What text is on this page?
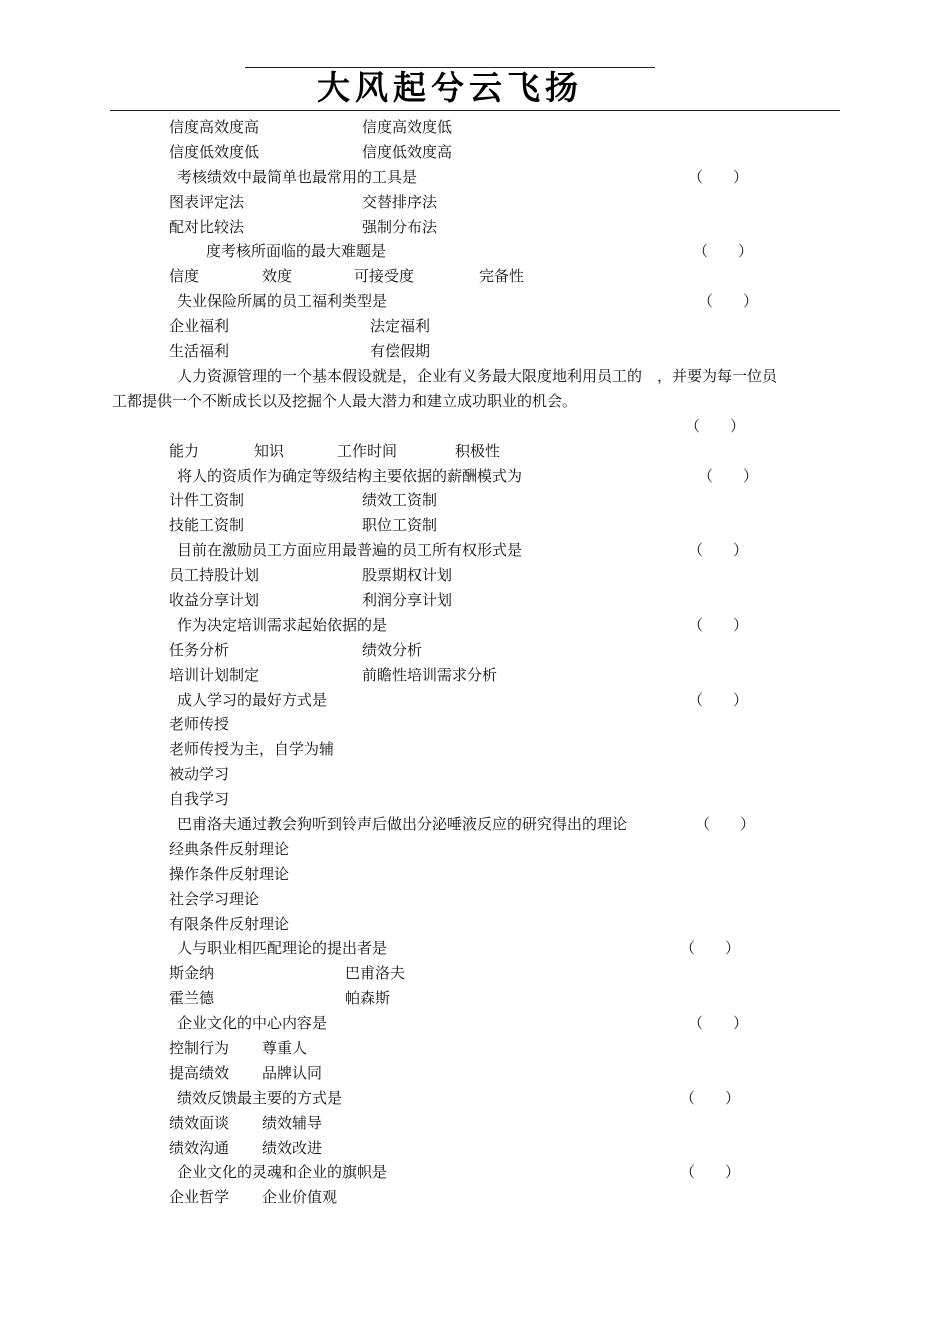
大风起兮云飞扬
信度高效度高	信度高效度低
信度低效度低	信度低效度高
考核绩效中最简单也最常用的工具是	（　　）
图表评定法	交替排序法
配对比较法	强制分布法
度考核所面临的最大难题是	（　　）
信度	效度	可接受度	完备性
失业保险所属的员工福利类型是	（　　）
企业福利	法定福利
生活福利	有偿假期
人力资源管理的一个基本假设就是，企业有义务最大限度地利用员工的　，并要为每一位员
工都提供一个不断成长以及挖掘个人最大潜力和建立成功职业的机会。
（　　）
能力	知识	工作时间	积极性
将人的资质作为确定等级结构主要依据的薪酬模式为	（　　）
计件工资制	绩效工资制
技能工资制	职位工资制
目前在激励员工方面应用最普遍的员工所有权形式是	（　　）
员工持股计划	股票期权计划
收益分享计划	利润分享计划
作为决定培训需求起始依据的是	（　　）
任务分析	绩效分析
培训计划制定	前瞻性培训需求分析
成人学习的最好方式是	（　　）
老师传授
老师传授为主，自学为辅
被动学习
自我学习
巴甫洛夫通过教会狗听到铃声后做出分泌唾液反应的研究得出的理论	（　　）
经典条件反射理论
操作条件反射理论
社会学习理论
有限条件反射理论
人与职业相匹配理论的提出者是	（　　）
斯金纳	巴甫洛夫
霍兰德	帕森斯
企业文化的中心内容是	（　　）
控制行为 尊重人
提高绩效 品牌认同
绩效反馈最主要的方式是	（　　）
绩效面谈 绩效辅导
绩效沟通 绩效改进
企业文化的灵魂和企业的旗帜是	（　　）
企业哲学 企业价值观
